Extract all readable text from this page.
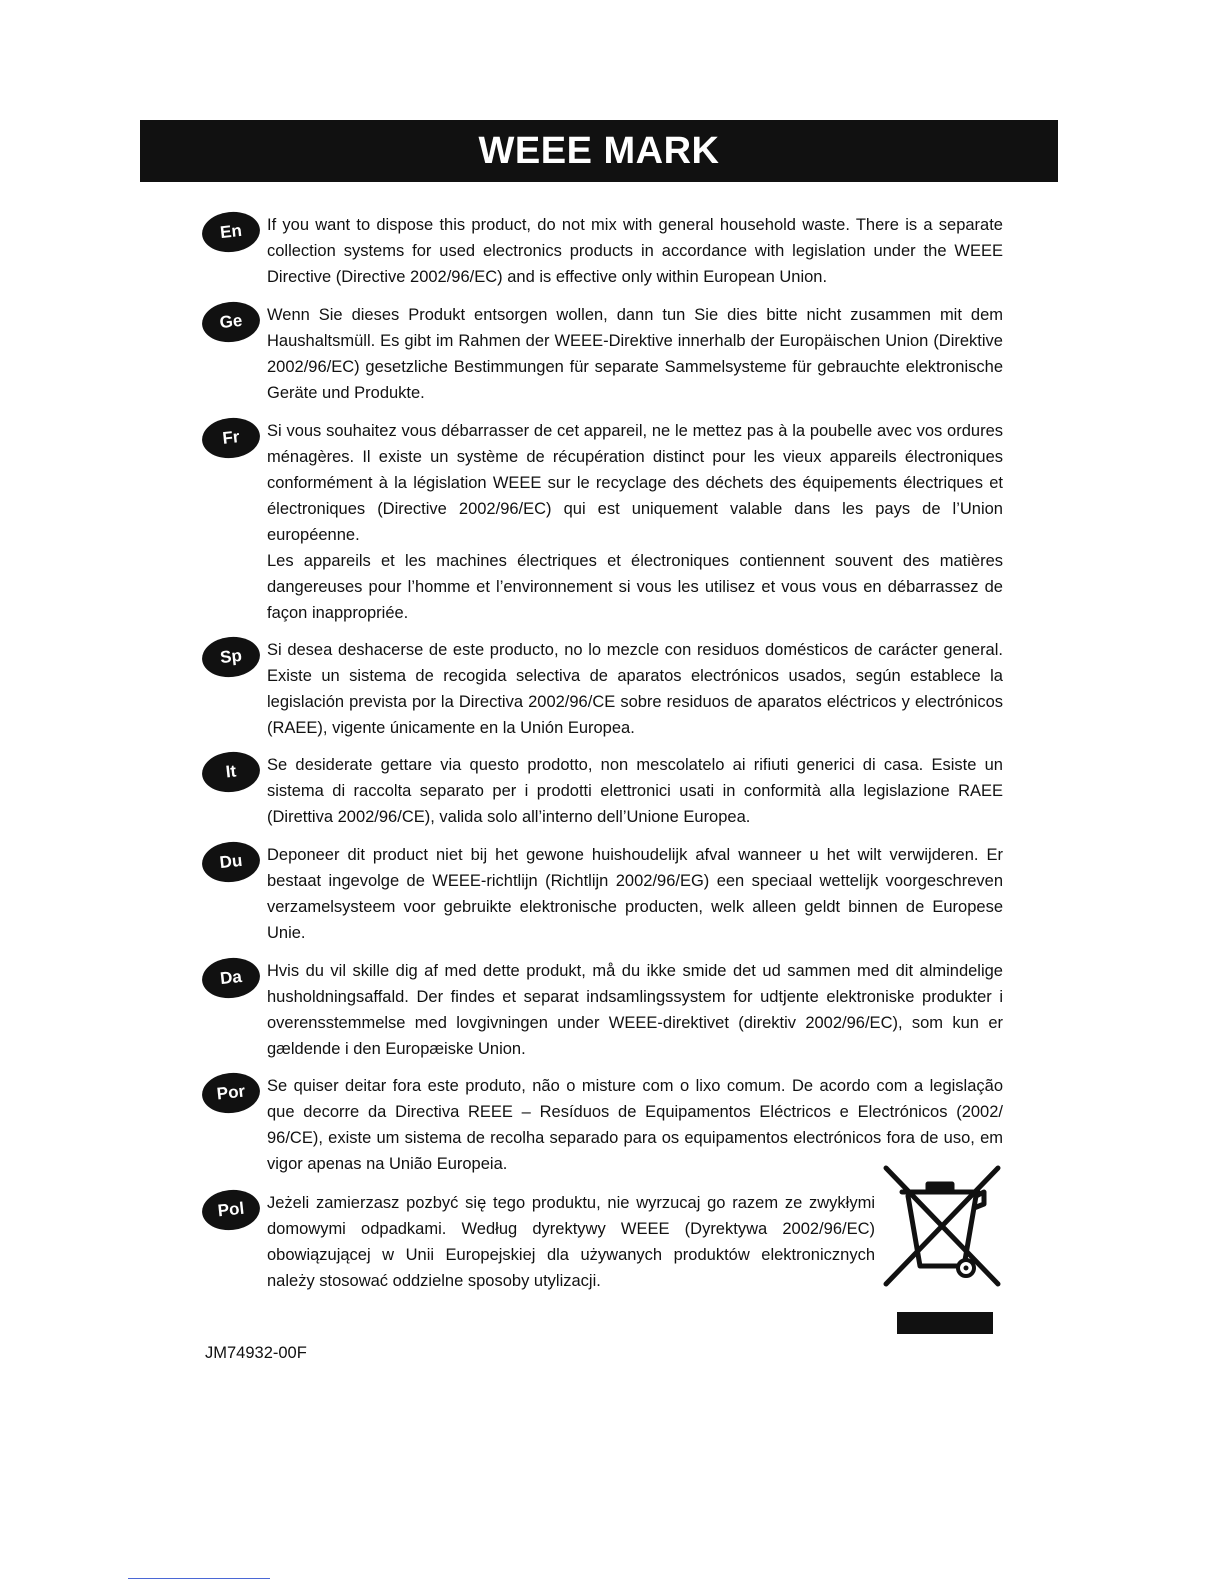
WEEE MARK
En	If you want to dispose this product, do not mix with general household waste. There is a separate collection systems for used electronics products in accordance with legislation under the WEEE Directive (Directive 2002/96/EC) and is effective only within European Union.

Ge	Wenn Sie dieses Produkt entsorgen wollen, dann tun Sie dies bitte nicht zusammen mit dem Haushaltsmüll. Es gibt im Rahmen der WEEE-Direktive innerhalb der Europäischen Union (Direktive 2002/96/EC) gesetzliche Bestimmungen für separate Sammelsysteme für gebrauchte elektronische Geräte und Produkte.

Fr	Si vous souhaitez vous débarrasser de cet appareil, ne le mettez pas à la poubelle avec vos ordures ménagères. Il existe un système de récupération distinct pour les vieux appareils électroniques conformément à la législation WEEE sur le recyclage des déchets des équipements électriques et électroniques (Directive 2002/96/EC) qui est uniquement valable dans les pays de l’Union européenne.

Les appareils et les machines électriques et électroniques contiennent souvent des matières dangereuses pour l’homme et l’environnement si vous les utilisez et vous vous en débarrassez de façon inappropriée.

Sp	Si desea deshacerse de este producto, no lo mezcle con residuos domésticos de carácter general. Existe un sistema de recogida selectiva de aparatos electrónicos usados, según establece la legislación prevista por la Directiva 2002/96/CE sobre residuos de aparatos eléctricos y electrónicos (RAEE), vigente únicamente en la Unión Europea.

It	Se desiderate gettare via questo prodotto, non mescolatelo ai rifiuti generici di casa. Esiste un sistema di raccolta separato per i prodotti elettronici usati in conformità alla legislazione RAEE (Direttiva 2002/96/CE), valida solo all’interno dell’Unione Europea.

Du	Deponeer dit product niet bij het gewone huishoudelijk afval wanneer u het wilt verwijderen. Er bestaat ingevolge de WEEE-richtlijn (Richtlijn 2002/96/EG) een speciaal wettelijk voorgeschreven verzamelsysteem voor gebruikte elektronische producten, welk alleen geldt binnen de Europese Unie.

Da	Hvis du vil skille dig af med dette produkt, må du ikke smide det ud sammen med dit almindelige husholdningsaffald. Der findes et separat indsamlingssystem for udtjente elektroniske produkter i overensstemmelse med lovgivningen under WEEE-direktivet (direktiv 2002/96/EC), som kun er gældende i den Europæiske Union.

Por	Se quiser deitar fora este produto, não o misture com o lixo comum. De acordo com a legislação que decorre da Directiva REEE – Resíduos de Equipamentos Eléctricos e Electrónicos (2002/ 96/CE), existe um sistema de recolha separado para os equipamentos electrónicos fora de uso, em vigor apenas na União Europeia.

Pol	Jeżeli zamierzasz pozbyć się tego produktu, nie wyrzucaj go razem ze zwykłymi domowymi odpadkami. Według dyrektywy WEEE (Dyrektywa 2002/96/EC) obowiązującej w Unii Europejskiej dla używanych produktów elektronicznych należy stosować oddzielne sposoby utylizacji.

JM74932-00F
